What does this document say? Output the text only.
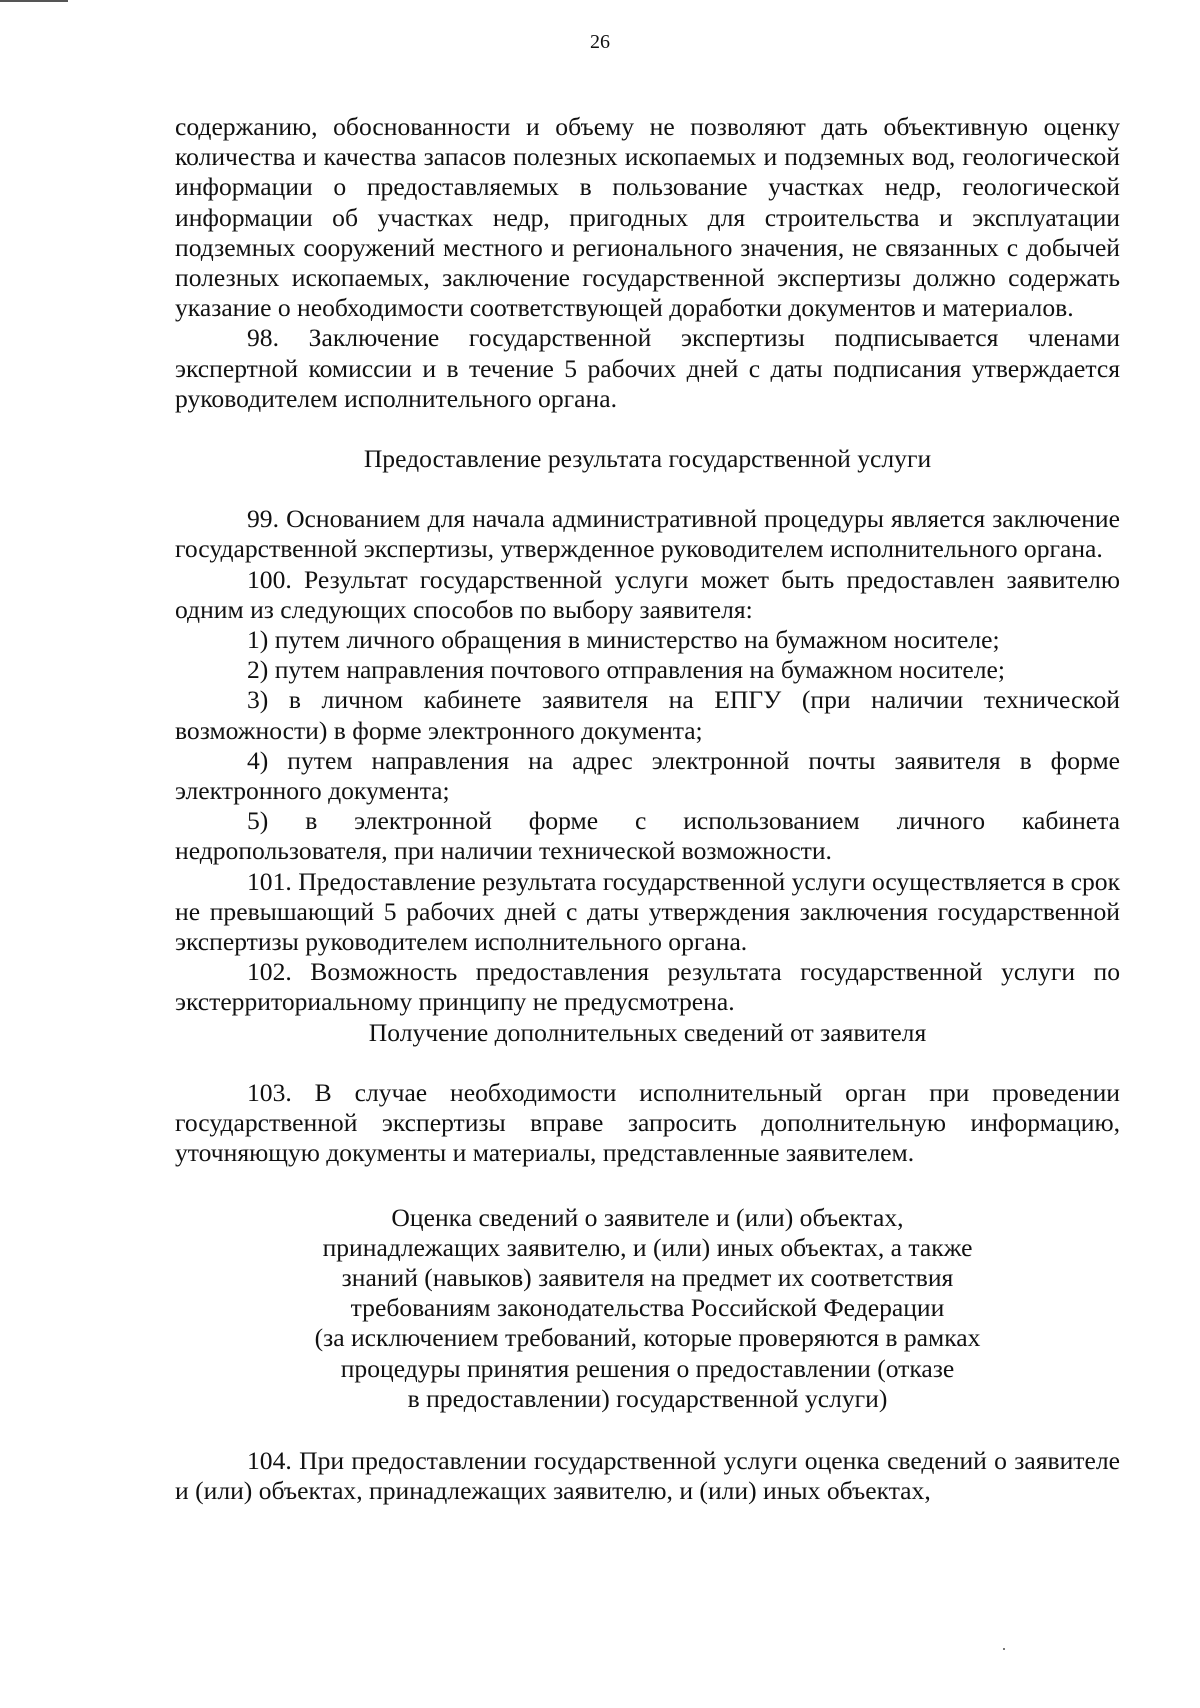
26

содержанию, обоснованности и объему не позволяют дать объективную оценку количества и качества запасов полезных ископаемых и подземных вод, геологической информации о предоставляемых в пользование участках недр, геологической информации об участках недр, пригодных для строительства и эксплуатации подземных сооружений местного и регионального значения, не связанных с добычей полезных ископаемых, заключение государственной экспертизы должно содержать указание о необходимости соответствующей доработки документов и материалов.

98. Заключение государственной экспертизы подписывается членами экспертной комиссии и в течение 5 рабочих дней с даты подписания утверждается руководителем исполнительного органа.

Предоставление результата государственной услуги

99. Основанием для начала административной процедуры является заключение государственной экспертизы, утвержденное руководителем исполнительного органа.

100. Результат государственной услуги может быть предоставлен заявителю одним из следующих способов по выбору заявителя:

1) путем личного обращения в министерство на бумажном носителе;

2) путем направления почтового отправления на бумажном носителе;

3) в личном кабинете заявителя на ЕПГУ (при наличии технической возможности) в форме электронного документа;

4) путем направления на адрес электронной почты заявителя в форме электронного документа;

5) в электронной форме с использованием личного кабинета недропользователя, при наличии технической возможности.

101. Предоставление результата государственной услуги осуществляется в срок не превышающий 5 рабочих дней с даты утверждения заключения государственной экспертизы руководителем исполнительного органа.

102. Возможность предоставления результата государственной услуги по экстерриториальному принципу не предусмотрена.

Получение дополнительных сведений от заявителя

103. В случае необходимости исполнительный орган при проведении государственной экспертизы вправе запросить дополнительную информацию, уточняющую документы и материалы, представленные заявителем.

Оценка сведений о заявителе и (или) объектах,
принадлежащих заявителю, и (или) иных объектах, а также
знаний (навыков) заявителя на предмет их соответствия
требованиям законодательства Российской Федерации
(за исключением требований, которые проверяются в рамках
процедуры принятия решения о предоставлении (отказе
в предоставлении) государственной услуги)

104. При предоставлении государственной услуги оценка сведений о заявителе и (или) объектах, принадлежащих заявителю, и (или) иных объектах,
